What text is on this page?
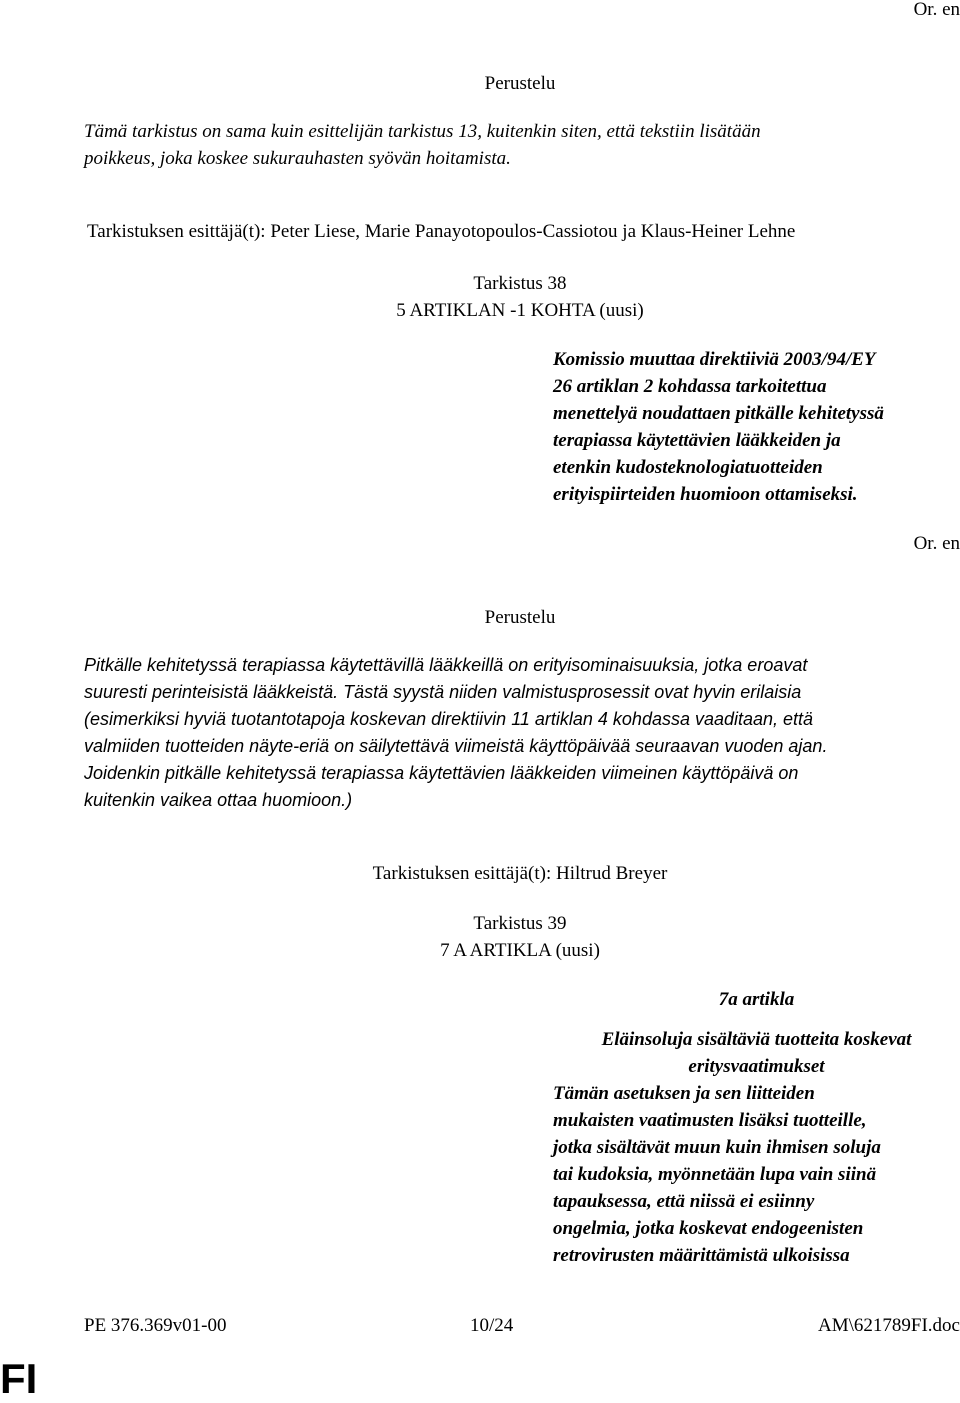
Or. en
Perustelu
Tämä tarkistus on sama kuin esittelijän tarkistus 13, kuitenkin siten, että tekstiin lisätään
poikkeus, joka koskee sukurauhasten syövän hoitamista.
Tarkistuksen esittäjä(t): Peter Liese, Marie Panayotopoulos-Cassiotou ja Klaus-Heiner Lehne
Tarkistus 38
5 ARTIKLAN -1 KOHTA (uusi)
Komissio muuttaa direktiiviä 2003/94/EY
26 artiklan 2 kohdassa tarkoitettua
menettelyä noudattaen pitkälle kehitetyssä
terapiassa käytettävien lääkkeiden ja
etenkin kudosteknologiatuotteiden
erityispiirteiden huomioon ottamiseksi.
Or. en
Perustelu
Pitkälle kehitetyssä terapiassa käytettävillä lääkkeillä on erityisominaisuuksia, jotka eroavat
suuresti perinteisistä lääkkeistä. Tästä syystä niiden valmistusprosessit ovat hyvin erilaisia
(esimerkiksi hyviä tuotantotapoja koskevan direktiivin 11 artiklan 4 kohdassa vaaditaan, että
valmiiden tuotteiden näyte-eriä on säilytettävä viimeistä käyttöpäivää seuraavan vuoden ajan.
Joidenkin pitkälle kehitetyssä terapiassa käytettävien lääkkeiden viimeinen käyttöpäivä on
kuitenkin vaikea ottaa huomioon.)
Tarkistuksen esittäjä(t): Hiltrud Breyer
Tarkistus 39
7 A ARTIKLA (uusi)
7a artikla
Eläinsoluja sisältäviä tuotteita koskevat
eritysvaatimukset
Tämän asetuksen ja sen liitteiden
mukaisten vaatimusten lisäksi tuotteille,
jotka sisältävät muun kuin ihmisen soluja
tai kudoksia, myönnetään lupa vain siinä
tapauksessa, että niissä ei esiinny
ongelmia, jotka koskevat endogeenisten
retrovirusten määrittämistä ulkoisissa
PE 376.369v01-00	10/24	AM\621789FI.doc
FI
